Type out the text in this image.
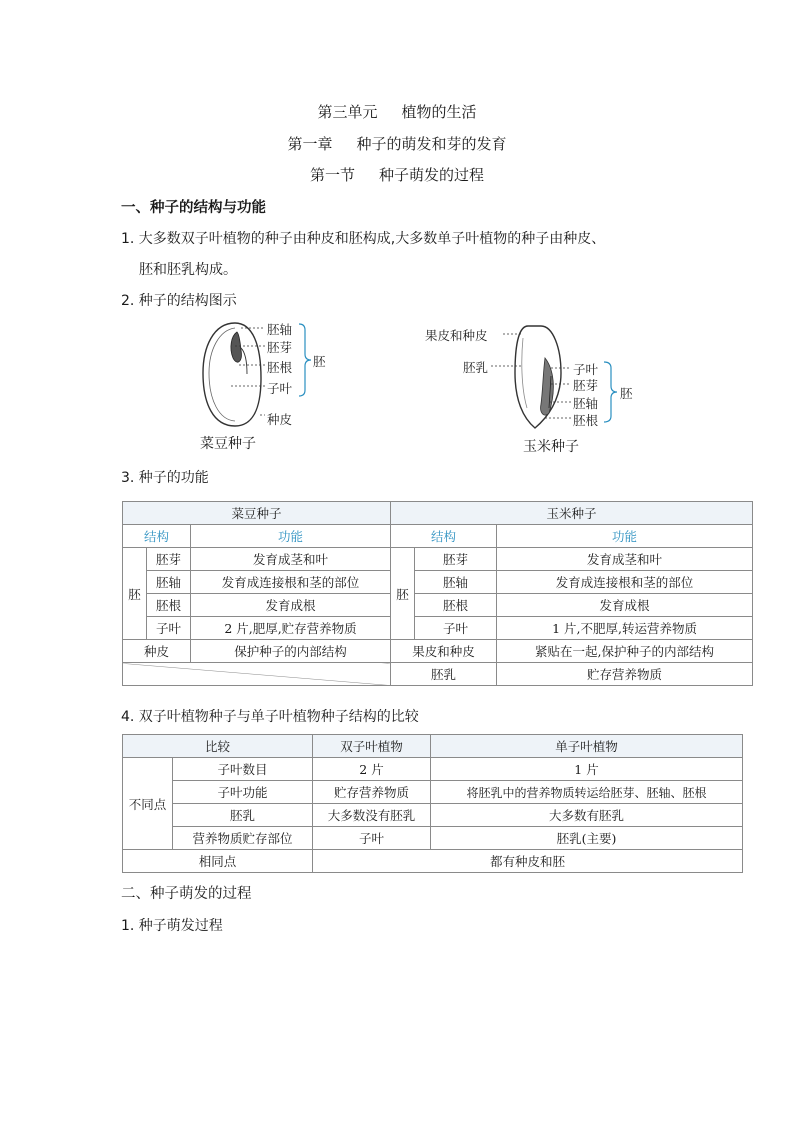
第三单元 植物的生活
第一章 种子的萌发和芽的发育
第一节 种子萌发的过程
一、种子的结构与功能
1. 大多数双子叶植物的种子由种皮和胚构成,大多数单子叶植物的种子由种皮、
胚和胚乳构成。
2. 种子的结构图示
胚轴
胚芽
胚根
子叶
胚
种皮
菜豆种子
果皮和种皮
胚乳	子叶
胚芽
胚轴
胚根
胚
玉米种子
3. 种子的功能
菜豆种子			玉米种子		
结构		功能	结构		功能
胚	胚芽	发育成茎和叶	胚	胚芽	发育成茎和叶
	胚轴	发育成连接根和茎的部位		胚轴	发育成连接根和茎的部位
	胚根	发育成根		胚根	发育成根
	子叶	2 片,肥厚,贮存营养物质		子叶	1 片,不肥厚,转运营养物质
种皮		保护种子的内部结构	果皮和种皮		紧贴在一起,保护种子的内部结构
			胚乳		贮存营养物质
4. 双子叶植物种子与单子叶植物种子结构的比较
比较		双子叶植物	单子叶植物
不同点	子叶数目	2 片	1 片
	子叶功能	贮存营养物质	将胚乳中的营养物质转运给胚芽、胚轴、胚根
	胚乳	大多数没有胚乳	大多数有胚乳
	营养物质贮存部位	子叶	胚乳(主要)
相同点		都有种皮和胚	
二、种子萌发的过程
1. 种子萌发过程
